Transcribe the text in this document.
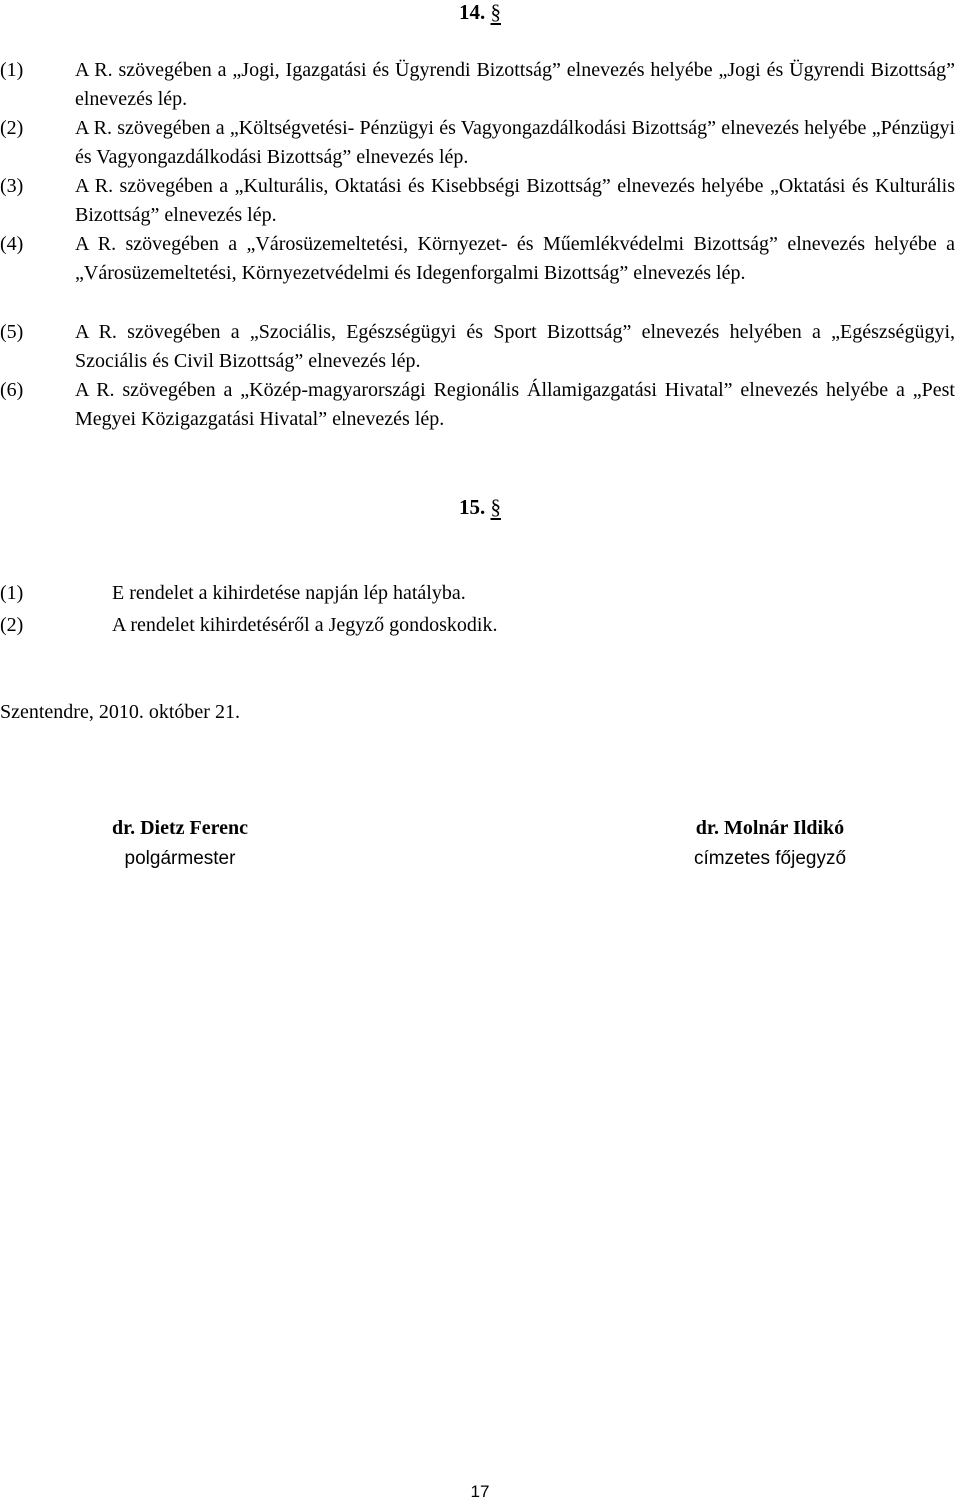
14. §
(1)	A R. szövegében a „Jogi, Igazgatási és Ügyrendi Bizottság” elnevezés helyébe „Jogi és Ügyrendi Bizottság” elnevezés lép.
(2)	A R. szövegében a „Költségvetési- Pénzügyi és Vagyongazdálkodási Bizottság” elnevezés helyébe „Pénzügyi és Vagyongazdálkodási Bizottság” elnevezés lép.
(3)	A R. szövegében a „Kulturális, Oktatási és Kisebbségi Bizottság” elnevezés helyébe „Oktatási és Kulturális Bizottság” elnevezés lép.
(4)	A R. szövegében a „Városüzemeltetési, Környezet- és Műemlékvédelmi Bizottság” elnevezés helyébe a „Városüzemeltetési, Környezetvédelmi és Idegenforgalmi Bizottság” elnevezés lép.
(5)	A R. szövegében a „Szociális, Egészségügyi és Sport Bizottság” elnevezés helyében a „Egészségügyi, Szociális és Civil Bizottság” elnevezés lép.
(6)	A R. szövegében a „Közép-magyarországi Regionális Államigazgatási Hivatal” elnevezés helyébe a „Pest Megyei Közigazgatási Hivatal” elnevezés lép.
15. §
(1)	E rendelet a kihirdetése napján lép hatályba.
(2)	A rendelet kihirdetéséről a Jegyző gondoskodik.
Szentendre, 2010. október 21.
dr. Dietz Ferenc
polgármester
dr. Molnár Ildikó
címzetes főjegyző
17
